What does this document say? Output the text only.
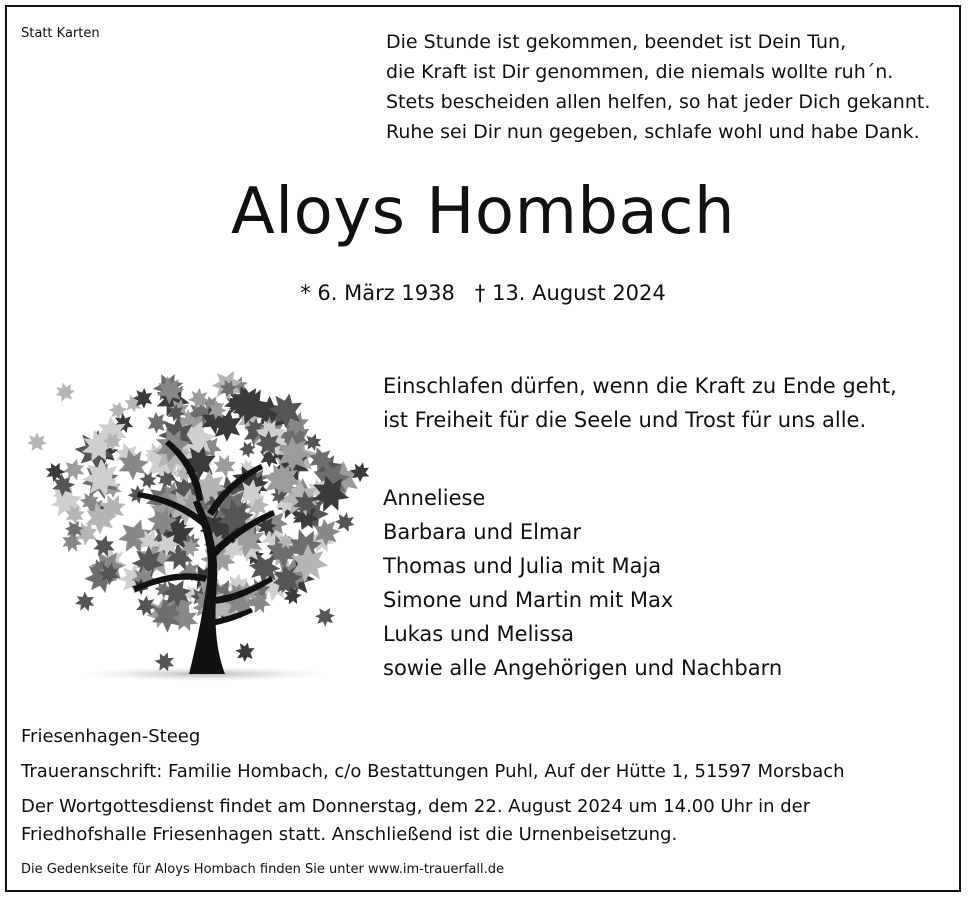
Statt Karten	Die Stunde ist gekommen, beendet ist Dein Tun,
die Kraft ist Dir genommen, die niemals wollte ruh´n.
Stets bescheiden allen helfen, so hat jeder Dich gekannt.
Ruhe sei Dir nun gegeben, schlafe wohl und habe Dank.
Aloys Hombach
* 6. März 1938 † 13. August 2024
Einschlafen dürfen, wenn die Kraft zu Ende geht,
ist Freiheit für die Seele und Trost für uns alle.
Anneliese
Barbara und Elmar
Thomas und Julia mit Maja
Simone und Martin mit Max
Lukas und Melissa
sowie alle Angehörigen und Nachbarn
Friesenhagen-Steeg
Traueranschrift: Familie Hombach, c/o Bestattungen Puhl, Auf der Hütte 1, 51597 Morsbach
Der Wortgottesdienst findet am Donnerstag, dem 22. August 2024 um 14.00 Uhr in der
Friedhofshalle Friesenhagen statt. Anschließend ist die Urnenbeisetzung.
Die Gedenkseite für Aloys Hombach finden Sie unter www.im-trauerfall.de
